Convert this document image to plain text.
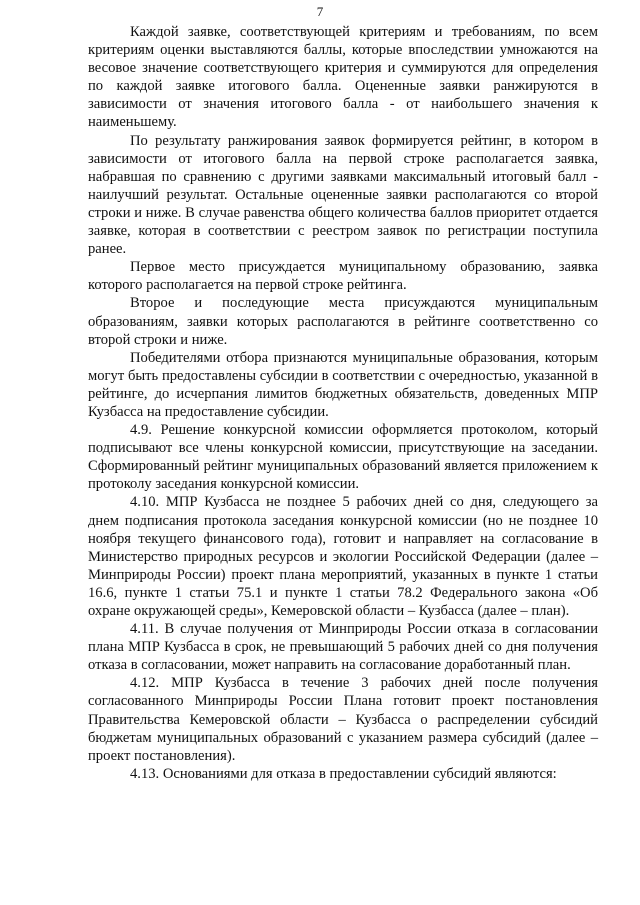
7

Каждой заявке, соответствующей критериям и требованиям, по всем критериям оценки выставляются баллы, которые впоследствии умножаются на весовое значение соответствующего критерия и суммируются для определения по каждой заявке итогового балла. Оцененные заявки ранжируются в зависимости от значения итогового балла - от наибольшего значения к наименьшему.

По результату ранжирования заявок формируется рейтинг, в котором в зависимости от итогового балла на первой строке располагается заявка, набравшая по сравнению с другими заявками максимальный итоговый балл - наилучший результат. Остальные оцененные заявки располагаются со второй строки и ниже. В случае равенства общего количества баллов приоритет отдается заявке, которая в соответствии с реестром заявок по регистрации поступила ранее.

Первое место присуждается муниципальному образованию, заявка которого располагается на первой строке рейтинга.

Второе и последующие места присуждаются муниципальным образованиям, заявки которых располагаются в рейтинге соответственно со второй строки и ниже.

Победителями отбора признаются муниципальные образования, которым могут быть предоставлены субсидии в соответствии с очередностью, указанной в рейтинге, до исчерпания лимитов бюджетных обязательств, доведенных МПР Кузбасса на предоставление субсидии.

4.9. Решение конкурсной комиссии оформляется протоколом, который подписывают все члены конкурсной комиссии, присутствующие на заседании. Сформированный рейтинг муниципальных образований является приложением к протоколу заседания конкурсной комиссии.

4.10. МПР Кузбасса не позднее 5 рабочих дней со дня, следующего за днем подписания протокола заседания конкурсной комиссии (но не позднее 10 ноября текущего финансового года), готовит и направляет на согласование в Министерство природных ресурсов и экологии Российской Федерации (далее – Минприроды России) проект плана мероприятий, указанных в пункте 1 статьи 16.6, пункте 1 статьи 75.1 и пункте 1 статьи 78.2 Федерального закона «Об охране окружающей среды», Кемеровской области – Кузбасса (далее – план).

4.11. В случае получения от Минприроды России отказа в согласовании плана МПР Кузбасса в срок, не превышающий 5 рабочих дней со дня получения отказа в согласовании, может направить на согласование доработанный план.

4.12. МПР Кузбасса в течение 3 рабочих дней после получения согласованного Минприроды России Плана готовит проект постановления Правительства Кемеровской области – Кузбасса о распределении субсидий бюджетам муниципальных образований с указанием размера субсидий (далее – проект постановления).

4.13. Основаниями для отказа в предоставлении субсидий являются:
